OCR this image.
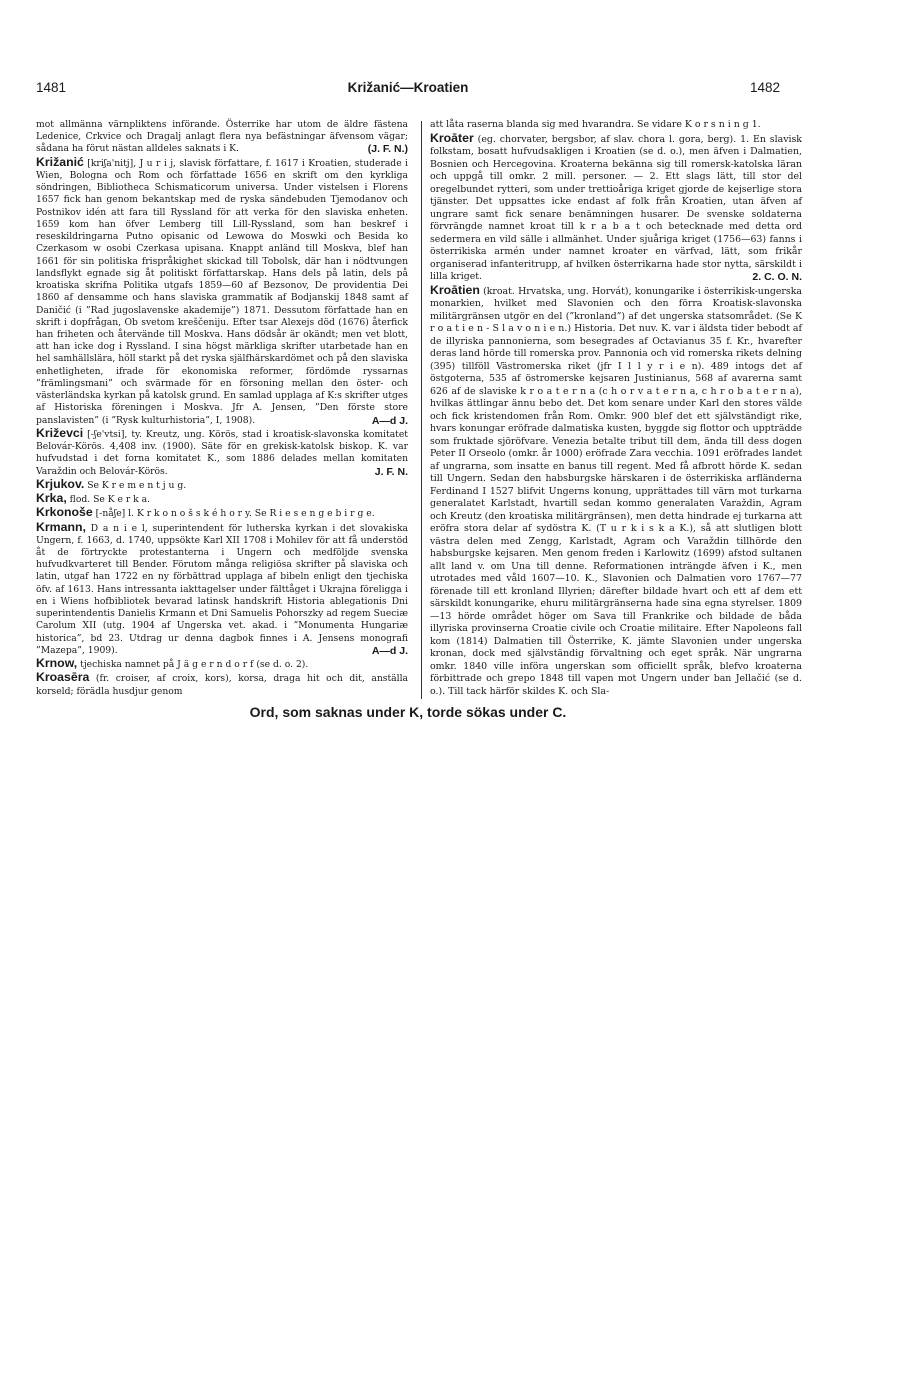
1481	Križanić—Kroatien	1482

mot allmänna värnpliktens införande. Österrike har utom de äldre fästena Ledenice, Crkvice och Dragalj anlagt flera nya befästningar äfvensom vägar; sådana ha förut nästan alldeles saknats i K.	(J. F. N.)

Križanić [kriʃa'nitj], J u r i j, slavisk författare, f. 1617 i Kroatien, studerade i Wien, Bologna och Rom och författade 1656 en skrift om den kyrkliga söndringen, Bibliotheca Schismaticorum universa. Under vistelsen i Florens 1657 fick han genom bekantskap med de ryska sändebuden Tjemodanov och Postnikov idén att fara till Ryssland för att verka för den slaviska enheten. 1659 kom han öfver Lemberg till Lill-Ryssland, som han beskref i reseskildringarna Putno opisanic od Lewowa do Moswki och Besida ko Czerkasom w osobi Czerkasa upisana. Knappt anländ till Moskva, blef han 1661 för sin politiska frispråkighet skickad till Tobolsk, där han i nödtvungen landsflykt egnade sig åt politiskt författarskap. Hans dels på latin, dels på kroatiska skrifna Politika utgafs 1859—60 af Bezsonov, De providentia Dei 1860 af densamme och hans slaviska grammatik af Bodjanskij 1848 samt af Daničić (i ”Rad jugoslavenske akademije”) 1871. Dessutom författade han en skrift i dopfrågan, Ob svetom kreščeniju. Efter tsar Alexejs död (1676) återfick han friheten och återvände till Moskva. Hans dödsår är okändt; men vet blott, att han icke dog i Ryssland. I sina högst märkliga skrifter utarbetade han en hel samhällslära, höll starkt på det ryska själfhärskardömet och på den slaviska enhetligheten, ifrade för ekonomiska reformer, fördömde ryssarnas ”främlingsmani” och svärmade för en försoning mellan den öster- och västerländska kyrkan på katolsk grund. En samlad upplaga af K:s skrifter utges af Historiska föreningen i Moskva. Jfr A. Jensen, ”Den förste store panslavisten” (i ”Rysk kulturhistoria”, I, 1908).	A—d J.

Križevci [-ʃe'vtsi], ty. Kreutz, ung. Körös, stad i kroatisk-slavonska komitatet Belovár-Körös. 4,408 inv. (1900). Säte för en grekisk-katolsk biskop. K. var hufvudstad i det forna komitatet K., som 1886 delades mellan komitaten Varaždin och Belovár-Körös.	J. F. N.

Krjukov. Se K r e m e n t j u g.

Krka, flod. Se K e r k a.

Krkonoše [-nåʃe] l. K r k o n o š s k é h o r y. Se R i e s e n g e b i r g e.

Krmann, D a n i e l, superintendent för lutherska kyrkan i det slovakiska Ungern, f. 1663, d. 1740, uppsökte Karl XII 1708 i Mohilev för att få understöd åt de förtryckte protestanterna i Ungern och medföljde svenska hufvudkvarteret till Bender. Förutom många religiösa skrifter på slaviska och latin, utgaf han 1722 en ny förbättrad upplaga af bibeln enligt den tjechiska öfv. af 1613. Hans intressanta iakttagelser under fälttåget i Ukrajna föreligga i en i Wiens hofbibliotek bevarad latinsk handskrift Historia ablegationis Dni superintendentis Danielis Krmann et Dni Samuelis Pohorszky ad regem Sueciæ Carolum XII (utg. 1904 af Ungerska vet. akad. i ”Monumenta Hungariæ historica”, bd 23. Utdrag ur denna dagbok finnes i A. Jensens monografi ”Mazepa”, 1909).	A—d J.

Krnow, tjechiska namnet på J ä g e r n d o r f (se d. o. 2).

Kroasēra (fr. croiser, af croix, kors), korsa, draga hit och dit, anställa korseld; förädla husdjur genom

att låta raserna blanda sig med hvarandra. Se vidare K o r s n i n g 1.

Kroāter (eg. chorvater, bergsbor, af slav. chora l. gora, berg). 1. En slavisk folkstam, bosatt hufvudsakligen i Kroatien (se d. o.), men äfven i Dalmatien, Bosnien och Hercegovina. Kroaterna bekänna sig till romersk-katolska läran och uppgå till omkr. 2 mill. personer. — 2. Ett slags lätt, till stor del oregelbundet rytteri, som under trettioåriga kriget gjorde de kejserlige stora tjänster. Det uppsattes icke endast af folk från Kroatien, utan äfven af ungrare samt fick senare benämningen husarer. De svenske soldaterna förvrängde namnet kroat till k r a b a t och betecknade med detta ord sedermera en vild sälle i allmänhet. Under sjuåriga kriget (1756—63) fanns i österrikiska armén under namnet kroater en värfvad, lätt, som frikår organiserad infanteritrupp, af hvilken österrikarna hade stor nytta, särskildt i lilla kriget.	2. C. O. N.

Kroātien (kroat. Hrvatska, ung. Horvát), konungarike i österrikisk-ungerska monarkien, hvilket med Slavonien och den förra Kroatisk-slavonska militärgränsen utgör en del (”kronland”) af det ungerska statsområdet. (Se K r o a t i e n - S l a v o n i e n.) Historia. Det nuv. K. var i äldsta tider bebodt af de illyriska pannonierna, som besegrades af Octavianus 35 f. Kr., hvarefter deras land hörde till romerska prov. Pannonia och vid romerska rikets delning (395) tillföll Västromerska riket (jfr I l l y r i e n). 489 intogs det af östgoterna, 535 af östromerske kejsaren Justinianus, 568 af avarerna samt 626 af de slaviske k r o a t e r n a (c h o r v a t e r n a, c h r o b a t e r n a), hvilkas ättlingar ännu bebo det. Det kom senare under Karl den stores välde och fick kristendomen från Rom. Omkr. 900 blef det ett självständigt rike, hvars konungar eröfrade dalmatiska kusten, byggde sig flottor och uppträdde som fruktade sjöröfvare. Venezia betalte tribut till dem, ända till dess dogen Peter II Orseolo (omkr. år 1000) eröfrade Zara vecchia. 1091 eröfrades landet af ungrarna, som insatte en banus till regent. Med få afbrott hörde K. sedan till Ungern. Sedan den habsburgske härskaren i de österrikiska arfländerna Ferdinand I 1527 blifvit Ungerns konung, upprättades till värn mot turkarna generalatet Karlstadt, hvartill sedan kommo generalaten Varaždin, Agram och Kreutz (den kroatiska militärgränsen), men detta hindrade ej turkarna att eröfra stora delar af sydöstra K. (T u r k i s k a K.), så att slutligen blott västra delen med Zengg, Karlstadt, Agram och Varaždin tillhörde den habsburgske kejsaren. Men genom freden i Karlowitz (1699) afstod sultanen allt land v. om Una till denne. Reformationen inträngde äfven i K., men utrotades med våld 1607—10. K., Slavonien och Dalmatien voro 1767—77 förenade till ett kronland Illyrien; därefter bildade hvart och ett af dem ett särskildt konungarike, ehuru militärgränserna hade sina egna styrelser. 1809—13 hörde området höger om Sava till Frankrike och bildade de båda illyriska provinserna Croatie civile och Croatie militaire. Efter Napoleons fall kom (1814) Dalmatien till Österrike, K. jämte Slavonien under ungerska kronan, dock med självständig förvaltning och eget språk. När ungrarna omkr. 1840 ville införa ungerskan som officiellt språk, blefvo kroaterna förbittrade och grepo 1848 till vapen mot Ungern under ban Jellačić (se d. o.). Till tack härför skildes K. och Sla-

Ord, som saknas under K, torde sökas under C.
